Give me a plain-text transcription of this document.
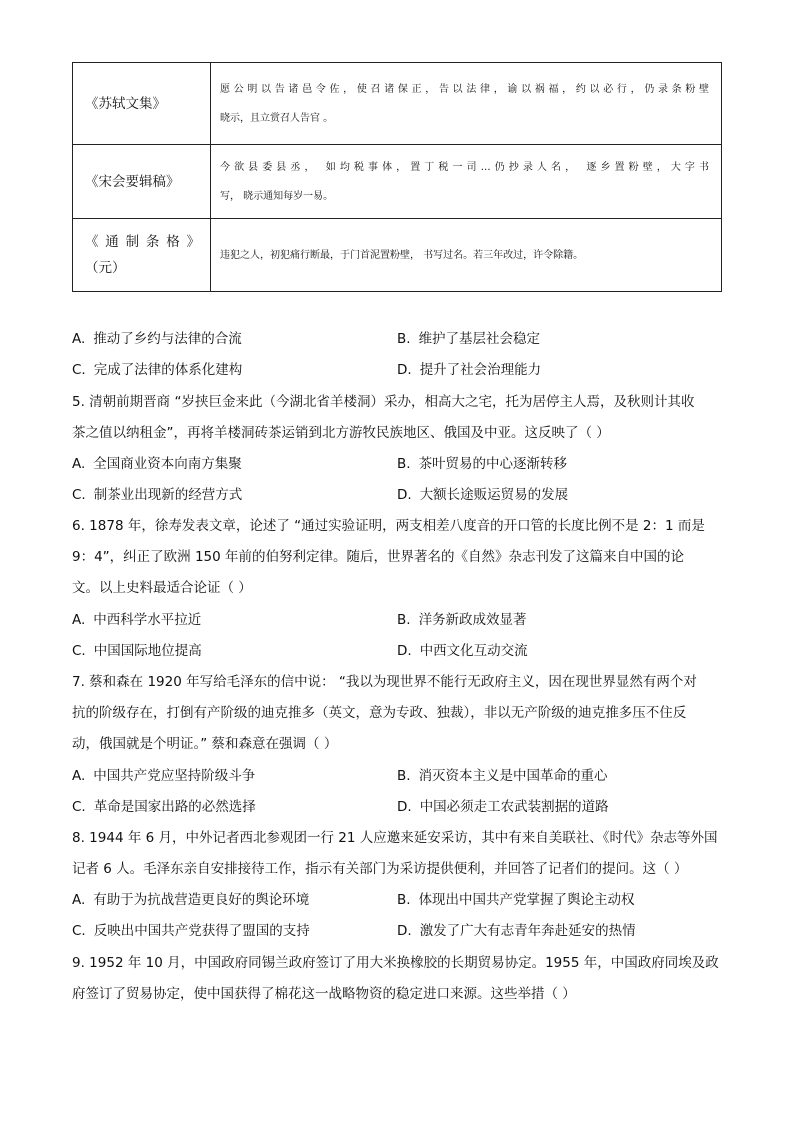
《苏轼文集》	愿公明以告诸邑令佐，使召诸保正，告以法律，谕以祸福，约以必行，仍录条粉壁
晓示，且立赏召人告官 。

《宋会要辑稿》	今欲县委县丞， 如均税事体，置丁税一司…仍抄录人名， 逐乡置粉壁，大字书
写， 晓示通知每岁一易。

《 通 制 条 格 》
（元）	违犯之人，初犯痛行断最，于门首泥置粉壁， 书写过名。若三年改过，许令除籍。
A. 推动了乡约与法律的合流	B. 维护了基层社会稳定
C. 完成了法律的体系化建构	D. 提升了社会治理能力
5. 清朝前期晋商 “岁挟巨金来此（今湖北省羊楼洞）采办，相高大之宅，托为居停主人焉，及秋则计其收
茶之值以纳租金”，再将羊楼洞砖茶运销到北方游牧民族地区、俄国及中亚。这反映了（ ）
A. 全国商业资本向南方集聚	B. 茶叶贸易的中心逐渐转移
C. 制茶业出现新的经营方式	D. 大额长途贩运贸易的发展
6. 1878 年，徐寿发表文章，论述了 “通过实验证明，两支相差八度音的开口管的长度比例不是 2：1 而是
9：4”，纠正了欧洲 150 年前的伯努利定律。随后，世界著名的《自然》杂志刊发了这篇来自中国的论
文。以上史料最适合论证（ ）
A. 中西科学水平拉近	B. 洋务新政成效显著
C. 中国国际地位提高	D. 中西文化互动交流
7. 蔡和森在 1920 年写给毛泽东的信中说： “我以为现世界不能行无政府主义，因在现世界显然有两个对
抗的阶级存在，打倒有产阶级的迪克推多（英文，意为专政、独裁），非以无产阶级的迪克推多压不住反
动，俄国就是个明证。” 蔡和森意在强调（ ）
A. 中国共产党应坚持阶级斗争	B. 消灭资本主义是中国革命的重心
C. 革命是国家出路的必然选择	D. 中国必须走工农武装割据的道路
8. 1944 年 6 月，中外记者西北参观团一行 21 人应邀来延安采访，其中有来自美联社、《时代》杂志等外国
记者 6 人。毛泽东亲自安排接待工作，指示有关部门为采访提供便利，并回答了记者们的提问。这（ ）
A. 有助于为抗战营造更良好的舆论环境	B. 体现出中国共产党掌握了舆论主动权
C. 反映出中国共产党获得了盟国的支持	D. 激发了广大有志青年奔赴延安的热情
9. 1952 年 10 月，中国政府同锡兰政府签订了用大米换橡胶的长期贸易协定。1955 年，中国政府同埃及政
府签订了贸易协定，使中国获得了棉花这一战略物资的稳定进口来源。这些举措（ ）
